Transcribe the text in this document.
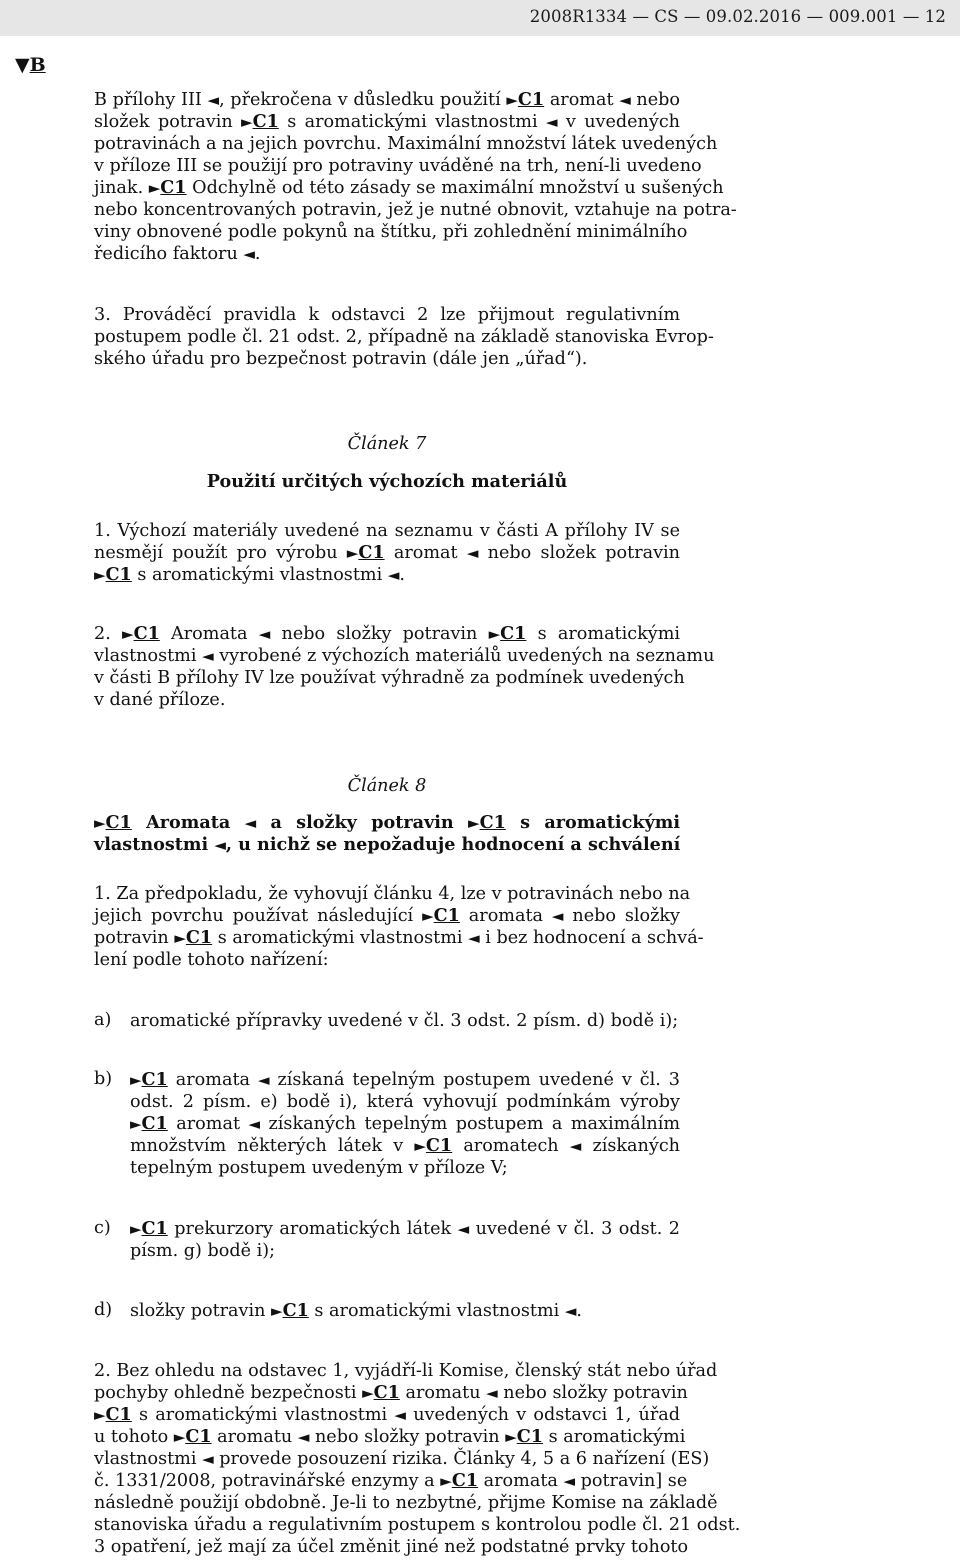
2008R1334 — CS — 09.02.2016 — 009.001 — 12
▼B
B přílohy III ◄, překročena v důsledku použití ►C1 aromat ◄ nebo
složek potravin ►C1 s aromatickými vlastnostmi ◄ v uvedených
potravinách a na jejich povrchu. Maximální množství látek uvedených
v příloze III se použijí pro potraviny uváděné na trh, není-li uvedeno
jinak. ►C1 Odchylně od této zásady se maximální množství u sušených
nebo koncentrovaných potravin, jež je nutné obnovit, vztahuje na potra-
viny obnovené podle pokynů na štítku, při zohlednění minimálního
ředicího faktoru ◄.
3. Prováděcí pravidla k odstavci 2 lze přijmout regulativním
postupem podle čl. 21 odst. 2, případně na základě stanoviska Evrop-
ského úřadu pro bezpečnost potravin (dále jen „úřad“).
Článek 7
Použití určitých výchozích materiálů
1. Výchozí materiály uvedené na seznamu v části A přílohy IV se
nesmějí použít pro výrobu ►C1 aromat ◄ nebo složek potravin
►C1 s aromatickými vlastnostmi ◄.
2. ►C1 Aromata ◄ nebo složky potravin ►C1 s aromatickými
vlastnostmi ◄ vyrobené z výchozích materiálů uvedených na seznamu
v části B přílohy IV lze používat výhradně za podmínek uvedených
v dané příloze.
Článek 8
►C1 Aromata ◄ a složky potravin ►C1 s aromatickými
vlastnostmi ◄, u nichž se nepožaduje hodnocení a schválení
1. Za předpokladu, že vyhovují článku 4, lze v potravinách nebo na
jejich povrchu používat následující ►C1 aromata ◄ nebo složky
potravin ►C1 s aromatickými vlastnostmi ◄ i bez hodnocení a schvá-
lení podle tohoto nařízení:
a)	aromatické přípravky uvedené v čl. 3 odst. 2 písm. d) bodě i);
b)	►C1 aromata ◄ získaná tepelným postupem uvedené v čl. 3
odst. 2 písm. e) bodě i), která vyhovují podmínkám výroby
►C1 aromat ◄ získaných tepelným postupem a maximálním
množstvím některých látek v ►C1 aromatech ◄ získaných
tepelným postupem uvedeným v příloze V;
c)	►C1 prekurzory aromatických látek ◄ uvedené v čl. 3 odst. 2
písm. g) bodě i);
d)	složky potravin ►C1 s aromatickými vlastnostmi ◄.
2. Bez ohledu na odstavec 1, vyjádří-li Komise, členský stát nebo úřad
pochyby ohledně bezpečnosti ►C1 aromatu ◄ nebo složky potravin
►C1 s aromatickými vlastnostmi ◄ uvedených v odstavci 1, úřad
u tohoto ►C1 aromatu ◄ nebo složky potravin ►C1 s aromatickými
vlastnostmi ◄ provede posouzení rizika. Články 4, 5 a 6 nařízení (ES)
č. 1331/2008, potravinářské enzymy a ►C1 aromata ◄ potravin] se
následně použijí obdobně. Je-li to nezbytné, přijme Komise na základě
stanoviska úřadu a regulativním postupem s kontrolou podle čl. 21 odst.
3 opatření, jež mají za účel změnit jiné než podstatné prvky tohoto
